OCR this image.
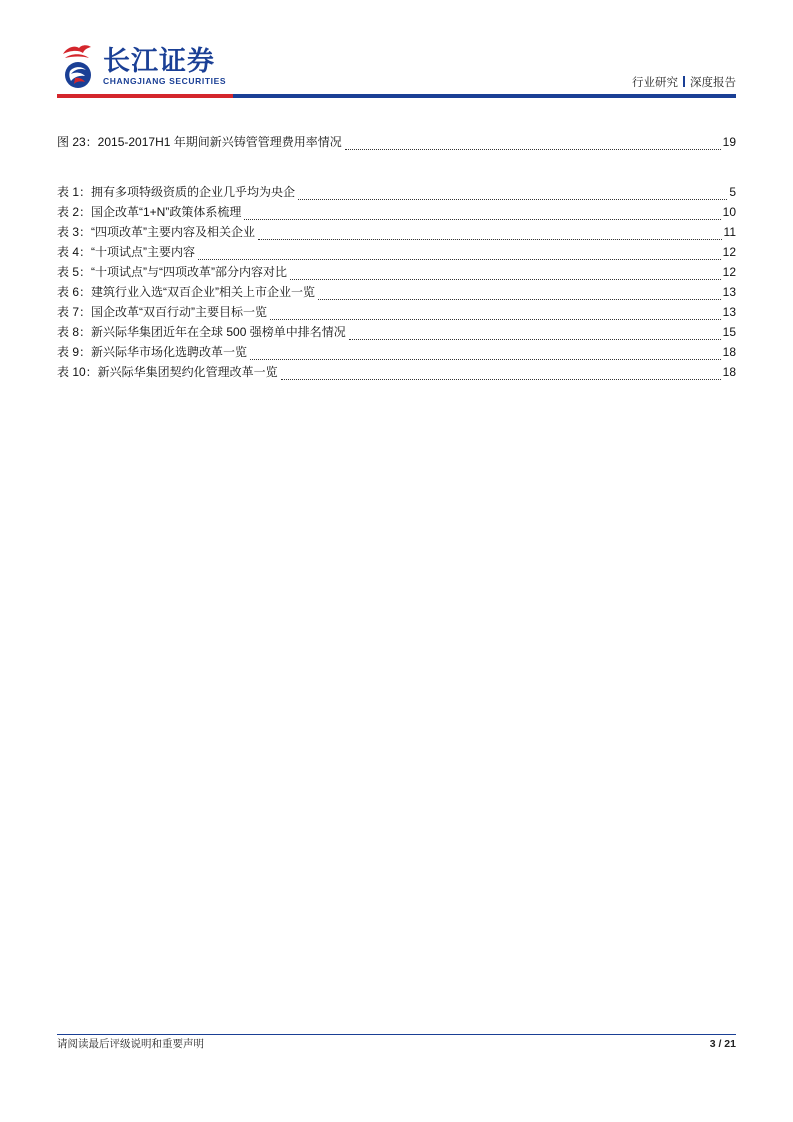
长江证券
CHANGJIANG SECURITIES	行业研究 深度报告
图 23：2015-2017H1 年期间新兴铸管管理费用率情况	19
表 1：拥有多项特级资质的企业几乎均为央企	5
表 2：国企改革“1+N”政策体系梳理	10
表 3：“四项改革”主要内容及相关企业	11
表 4：“十项试点”主要内容	12
表 5：“十项试点”与“四项改革”部分内容对比	12
表 6：建筑行业入选“双百企业”相关上市企业一览	13
表 7：国企改革“双百行动”主要目标一览	13
表 8：新兴际华集团近年在全球 500 强榜单中排名情况	15
表 9：新兴际华市场化选聘改革一览	18
表 10：新兴际华集团契约化管理改革一览	18
请阅读最后评级说明和重要声明	3 / 21
